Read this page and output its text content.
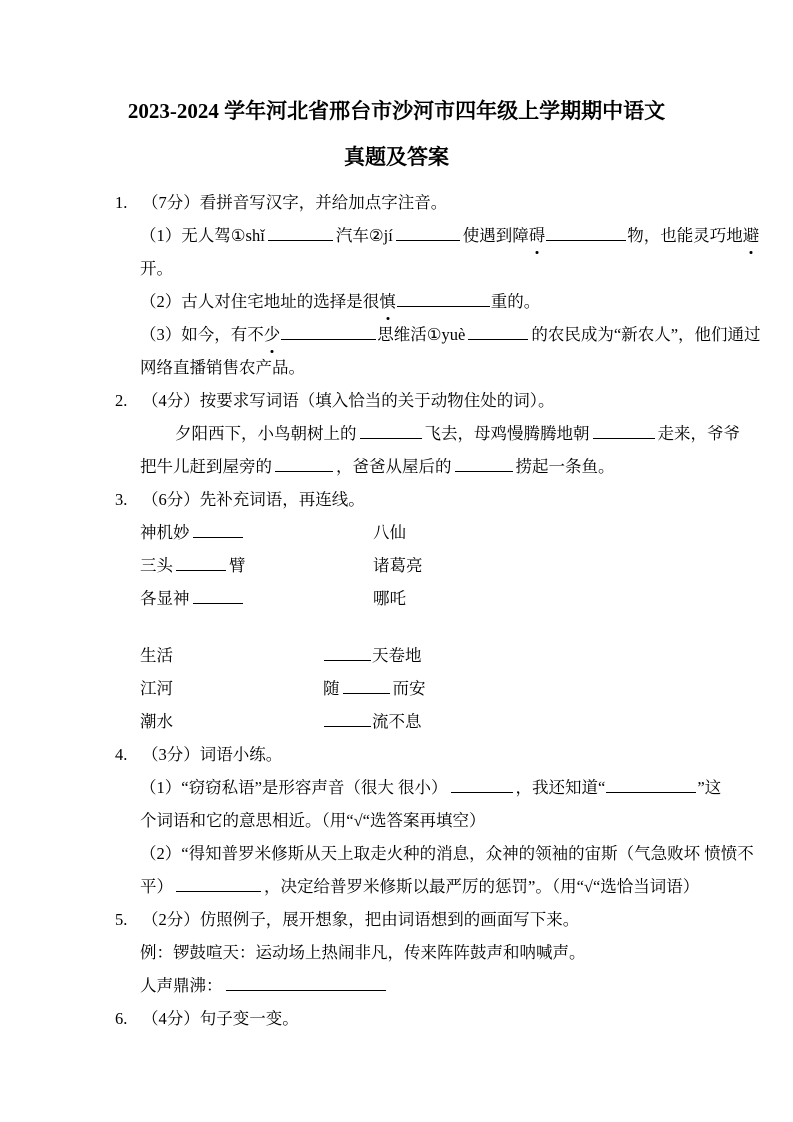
2023-2024 学年河北省邢台市沙河市四年级上学期期中语文
真题及答案
1. （7分）看拼音写汉字，并给加点字注音。
（1）无人驾①shǐ	汽车②jí	使遇到障碍	物，也能灵巧地避
开。
（2）古人对住宅地址的选择是很慎	重的。
（3）如今，有不少	思维活①yuè	的农民成为“新农人”，他们通过
网络直播销售农产品。
2. （4分）按要求写词语（填入恰当的关于动物住处的词）。
夕阳西下，小鸟朝树上的	飞去，母鸡慢腾腾地朝	走来，爷爷
把牛儿赶到屋旁的	，爸爸从屋后的	捞起一条鱼。
3. （6分）先补充词语，再连线。
神机妙	八仙
三头	臂	诸葛亮
各显神	哪吒
生活	天卷地
江河	随	而安
潮水	流不息
4. （3分）词语小练。
（1）“窃窃私语”是形容声音（很大 很小）	，我还知道“	”这
个词语和它的意思相近。（用“√“选答案再填空）
（2）“得知普罗米修斯从天上取走火种的消息，众神的领袖的宙斯（气急败坏 愤愤不
平）	，决定给普罗米修斯以最严厉的惩罚”。（用“√“选恰当词语）
5. （2分）仿照例子，展开想象，把由词语想到的画面写下来。
例：锣鼓喧天：运动场上热闹非凡，传来阵阵鼓声和呐喊声。
人声鼎沸：
6. （4分）句子变一变。
